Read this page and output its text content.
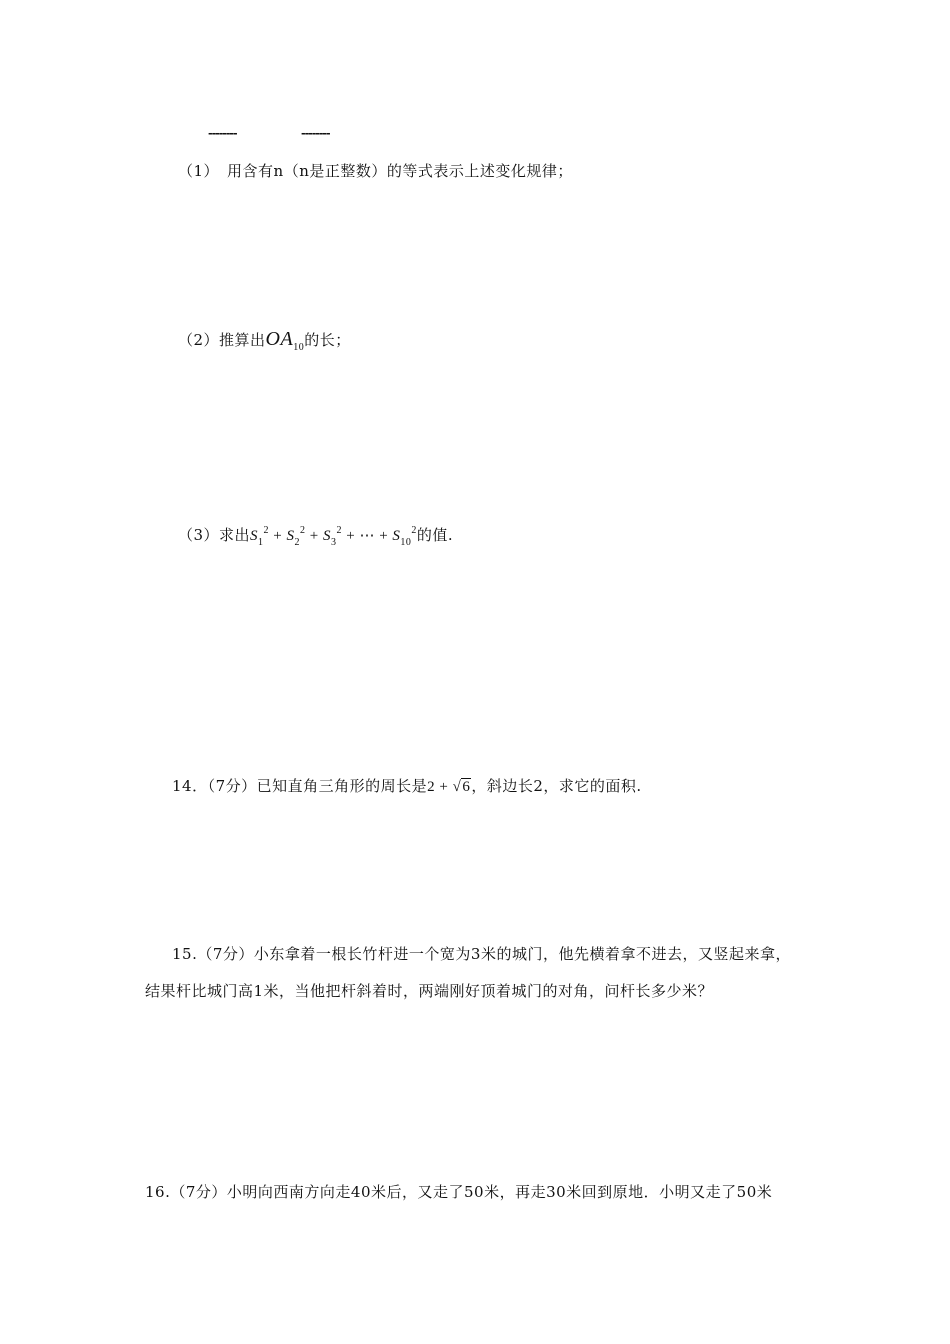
--------	--------
（1）　用含有n（n是正整数）的等式表示上述变化规律；
（2）推算出$OA_{10}$的长；
（3）求出$S_1^2 + S_2^2 + S_3^2$ + ⋯ + $S_{10}^2$的值.
14．（7分）已知直角三角形的周长是2 + √6，斜边长2，求它的面积.
15.（7分）小东拿着一根长竹杆进一个宽为3米的城门，他先横着拿不进去，又竖起来拿，
结果杆比城门高1米，当他把杆斜着时，两端刚好顶着城门的对角，问杆长多少米？
16.（7分）小明向西南方向走40米后，又走了50米，再走30米回到原地．小明又走了50米
